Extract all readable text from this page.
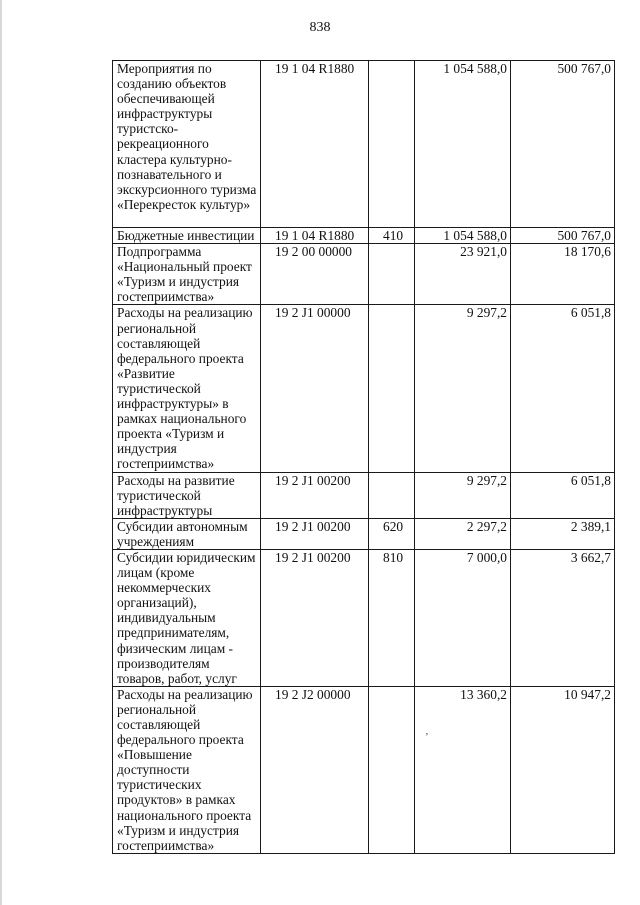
838
Мероприятия по созданию объектов обеспечивающей инфраструктуры туристско-рекреационного кластера культурно-познавательного и экскурсионного туризма «Перекресток культур»	19 1 04 R1880		1 054 588,0	500 767,0
Бюджетные инвестиции	19 1 04 R1880	410	1 054 588,0	500 767,0
Подпрограмма «Национальный проект «Туризм и индустрия гостеприимства»	19 2 00 00000		23 921,0	18 170,6
Расходы на реализацию региональной составляющей федерального проекта «Развитие туристической инфраструктуры» в рамках национального проекта «Туризм и индустрия гостеприимства»	19 2 J1 00000		9 297,2	6 051,8
Расходы на развитие туристической инфраструктуры	19 2 J1 00200		9 297,2	6 051,8
Субсидии автономным учреждениям	19 2 J1 00200	620	2 297,2	2 389,1
Субсидии юридическим лицам (кроме некоммерческих организаций), индивидуальным предпринимателям, физическим лицам - производителям товаров, работ, услуг	19 2 J1 00200	810	7 000,0	3 662,7
Расходы на реализацию региональной составляющей федерального проекта «Повышение доступности туристических продуктов» в рамках национального проекта «Туризм и индустрия гостеприимства»	19 2 J2 00000		13 360,2	10 947,2
ʼ
